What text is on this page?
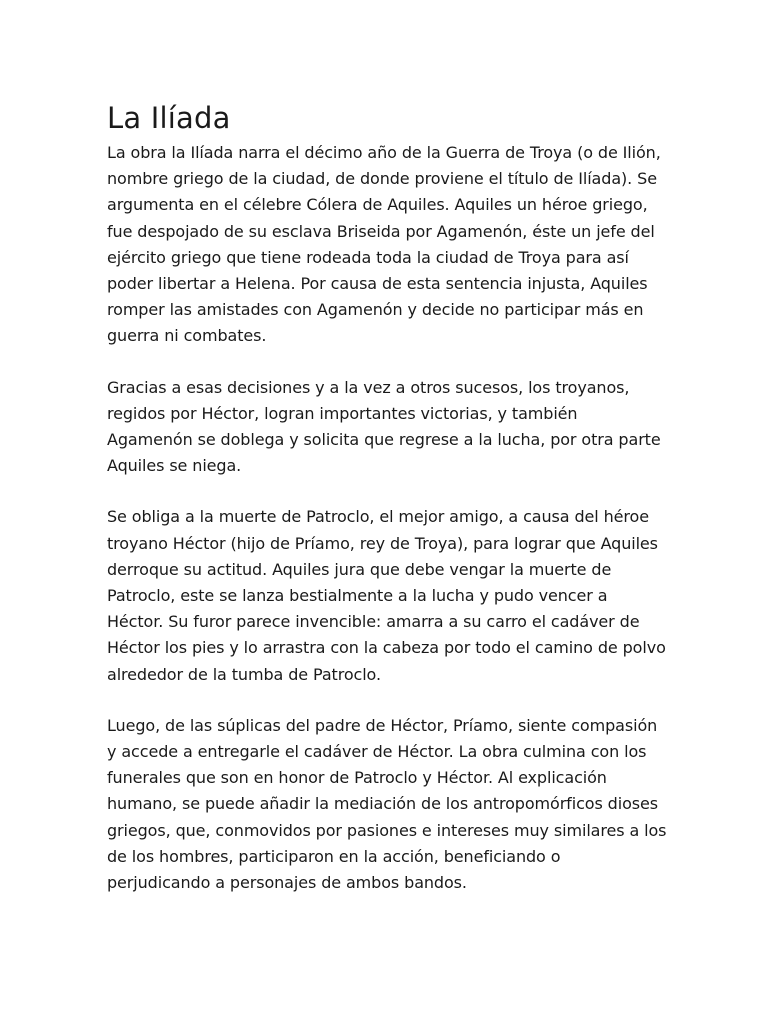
La Ilíada

La obra la Ilíada narra el décimo año de la Guerra de Troya (o de Ilión, nombre griego de la ciudad, de donde proviene el título de Ilíada). Se argumenta en el célebre Cólera de Aquiles. Aquiles un héroe griego, fue despojado de su esclava Briseida por Agamenón, éste un jefe del ejército griego que tiene rodeada toda la ciudad de Troya para así poder libertar a Helena. Por causa de esta sentencia injusta, Aquiles romper las amistades con Agamenón y decide no participar más en guerra ni combates.

Gracias a esas decisiones y a la vez a otros sucesos, los troyanos, regidos por Héctor, logran importantes victorias, y también Agamenón se doblega y solicita que regrese a la lucha, por otra parte Aquiles se niega.

Se obliga a la muerte de Patroclo, el mejor amigo, a causa del héroe troyano Héctor (hijo de Príamo, rey de Troya), para lograr que Aquiles derroque su actitud. Aquiles jura que debe vengar la muerte de Patroclo, este se lanza bestialmente a la lucha y pudo vencer a Héctor. Su furor parece invencible: amarra a su carro el cadáver de Héctor los pies y lo arrastra con la cabeza por todo el camino de polvo alrededor de la tumba de Patroclo.

Luego, de las súplicas del padre de Héctor, Príamo, siente compasión y accede a entregarle el cadáver de Héctor. La obra culmina con los funerales que son en honor de Patroclo y Héctor. Al explicación humano, se puede añadir la mediación de los antropomórficos dioses griegos, que, conmovidos por pasiones e intereses muy similares a los de los hombres, participaron en la acción, beneficiando o perjudicando a personajes de ambos bandos.
